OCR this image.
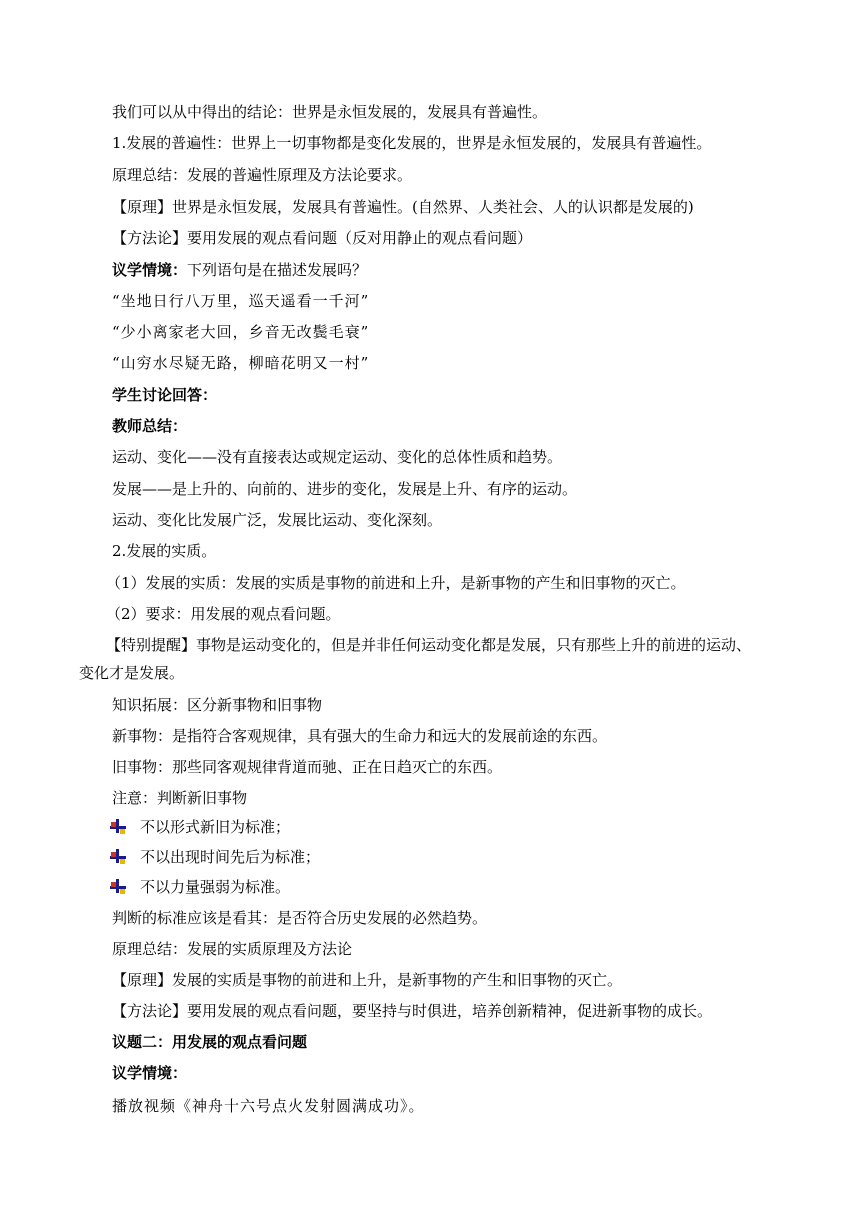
我们可以从中得出的结论：世界是永恒发展的，发展具有普遍性。
1.发展的普遍性：世界上一切事物都是变化发展的，世界是永恒发展的，发展具有普遍性。
原理总结：发展的普遍性原理及方法论要求。
【原理】世界是永恒发展，发展具有普遍性。(自然界、人类社会、人的认识都是发展的)
【方法论】要用发展的观点看问题（反对用静止的观点看问题）
议学情境：下列语句是在描述发展吗？
“坐地日行八万里，巡天遥看一千河”
“少小离家老大回，乡音无改鬓毛衰”
“山穷水尽疑无路，柳暗花明又一村”
学生讨论回答：
教师总结：
运动、变化——没有直接表达或规定运动、变化的总体性质和趋势。
发展——是上升的、向前的、进步的变化，发展是上升、有序的运动。
运动、变化比发展广泛，发展比运动、变化深刻。
2.发展的实质。
（1）发展的实质：发展的实质是事物的前进和上升，是新事物的产生和旧事物的灭亡。
（2）要求：用发展的观点看问题。
【特别提醒】事物是运动变化的，但是并非任何运动变化都是发展，只有那些上升的前进的运动、
变化才是发展。
知识拓展：区分新事物和旧事物
新事物：是指符合客观规律，具有强大的生命力和远大的发展前途的东西。
旧事物：那些同客观规律背道而驰、正在日趋灭亡的东西。
注意：判断新旧事物
不以形式新旧为标准；
不以出现时间先后为标准；
不以力量强弱为标准。
判断的标准应该是看其：是否符合历史发展的必然趋势。
原理总结：发展的实质原理及方法论
【原理】发展的实质是事物的前进和上升，是新事物的产生和旧事物的灭亡。
【方法论】要用发展的观点看问题，要坚持与时俱进，培养创新精神，促进新事物的成长。
议题二：用发展的观点看问题
议学情境：
播放视频《神舟十六号点火发射圆满成功》。
